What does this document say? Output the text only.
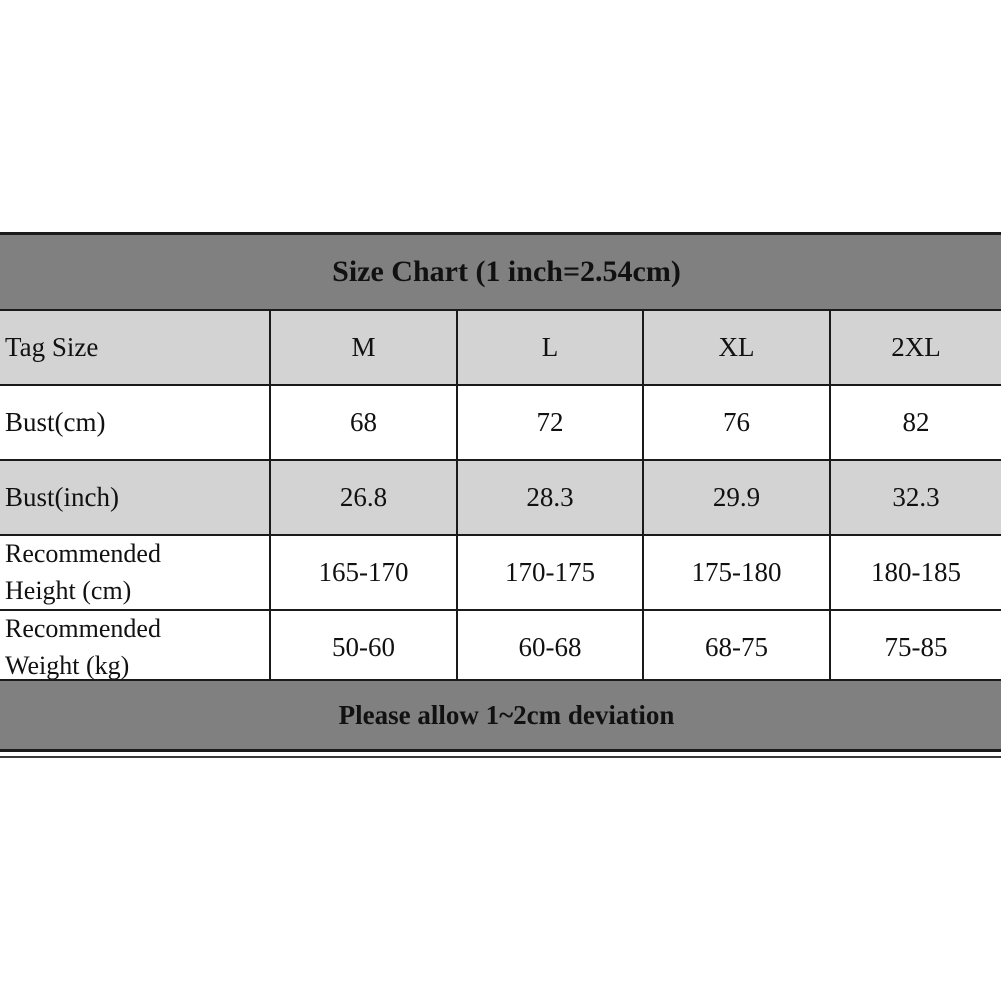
Size Chart (1 inch=2.54cm)
Tag Size	M	L	XL	2XL
Bust(cm)	68	72	76	82
Bust(inch)	26.8	28.3	29.9	32.3
Recommended
Height (cm)	165-170	170-175	175-180	180-185
Recommended
Weight (kg)	50-60	60-68	68-75	75-85
Please allow 1~2cm deviation
